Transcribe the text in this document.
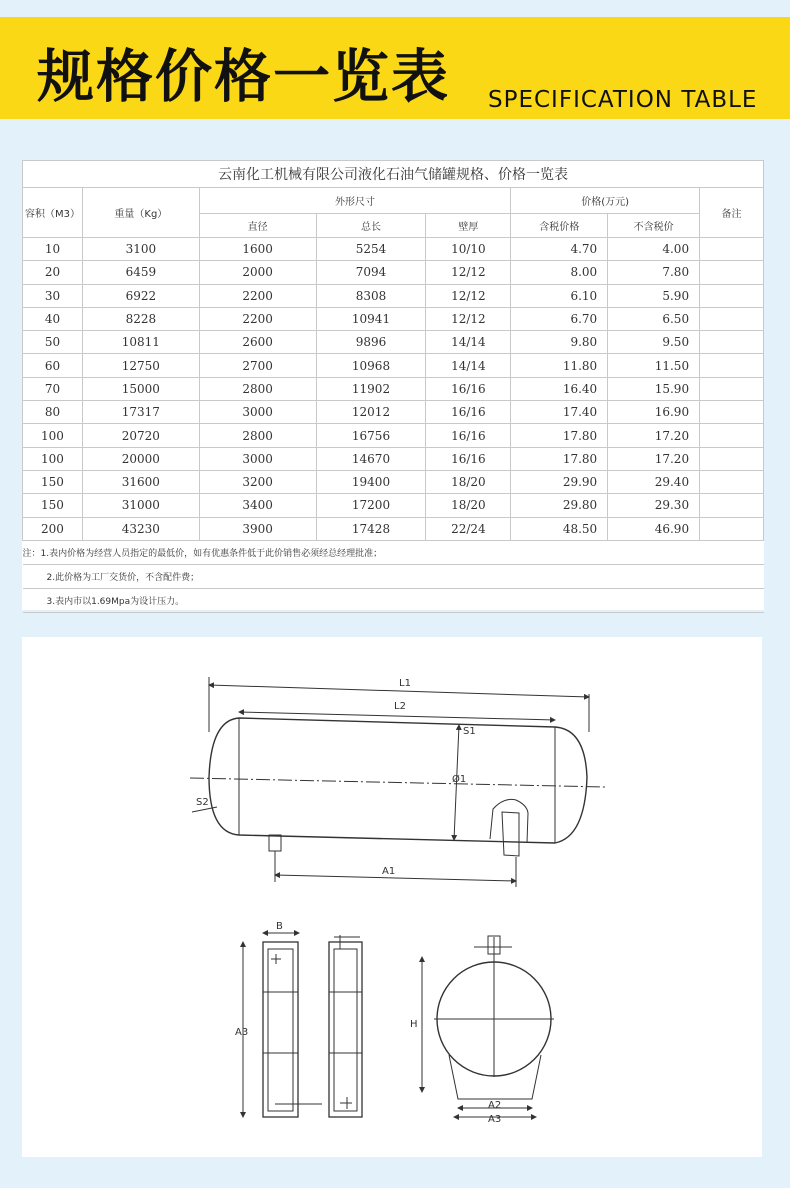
规格价格一览表 SPECIFICATION TABLE
云南化工机械有限公司液化石油气储罐规格、价格一览表							
容积（M3）	重量（Kg）	外形尺寸			价格(万元)		备注
		直径	总长	壁厚	含税价格	不含税价	
10	3100	1600	5254	10/10	4.70	4.00	
20	6459	2000	7094	12/12	8.00	7.80	
30	6922	2200	8308	12/12	6.10	5.90	
40	8228	2200	10941	12/12	6.70	6.50	
50	10811	2600	9896	14/14	9.80	9.50	
60	12750	2700	10968	14/14	11.80	11.50	
70	15000	2800	11902	16/16	16.40	15.90	
80	17317	3000	12012	16/16	17.40	16.90	
100	20720	2800	16756	16/16	17.80	17.20	
100	20000	3000	14670	16/16	17.80	17.20	
150	31600	3200	19400	18/20	29.90	29.40	
150	31000	3400	17200	18/20	29.80	29.30	
200	43230	3900	17428	22/24	48.50	46.90	
注：1.表内价格为经营人员指定的最低价，如有优惠条件低于此价销售必须经总经理批准；							
2.此价格为工厂交货价，不含配件费；							
3.表内市以1.69Mpa为设计压力。							
L1
L2
S1
Ø1
S2
A1
B
A3
H
A2
A3
